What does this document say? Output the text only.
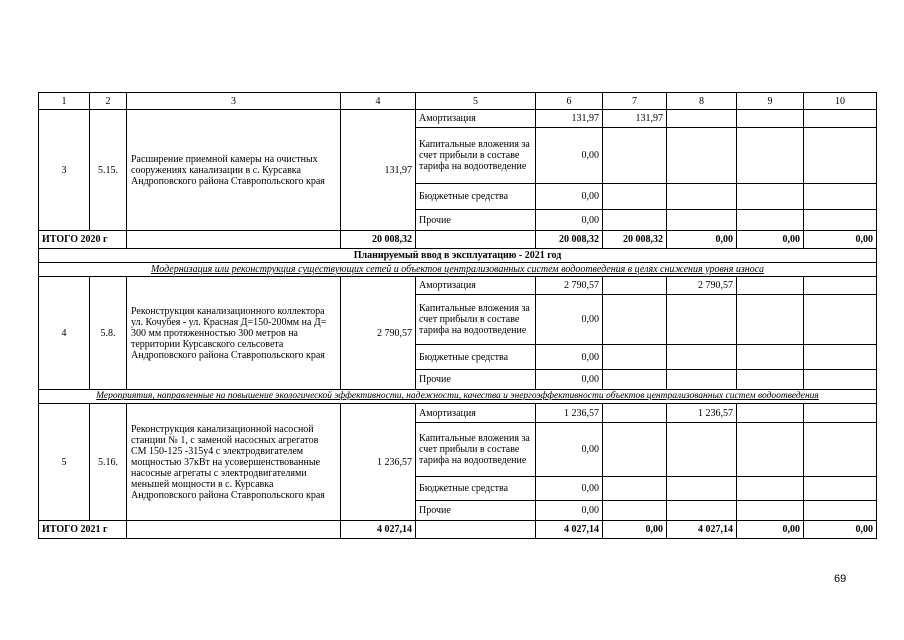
1	2	3	4	5	6	7	8	9	10
3	5.15.	Расширение приемной камеры на очистных сооружениях канализации в с. Курсавка Андроповского района Ставропольского края	131,97	Амортизация	131,97	131,97			
				Капитальные вложения за счет прибыли в составе тарифа на водоотведение	0,00				
				Бюджетные средства	0,00				
				Прочие	0,00				
ИТОГО 2020 г			20 008,32		20 008,32	20 008,32	0,00	0,00	0,00
Планируемый ввод в эксплуатацию - 2021 год									
Модернизация или реконструкция существующих сетей и объектов централизованных систем водоотведения в целях снижения уровня износа									
4	5.8.	Реконструкция канализационного коллектора ул. Кочубея - ул. Красная Д=150-200мм на Д= 300 мм протяженностью 300 метров на территории Курсавского сельсовета Андроповского района Ставропольского края	2 790,57	Амортизация	2 790,57		2 790,57		
				Капитальные вложения за счет прибыли в составе тарифа на водоотведение	0,00				
				Бюджетные средства	0,00				
				Прочие	0,00				
Мероприятия, направленные на повышение экологической эффективности, надежности, качества и энергоэффективности объектов централизованных систем водоотведения									
5	5.16.	Реконструкция канализационной насосной станции № 1, с заменой насосных агрегатов СМ 150-125 -315у4 с электродвигателем мощностью 37кВт на усовершенствованные насосные агрегаты с электродвигателями меньшей мощности в с. Курсавка Андроповского района Ставропольского края	1 236,57	Амортизация	1 236,57		1 236,57		
				Капитальные вложения за счет прибыли в составе тарифа на водоотведение	0,00				
				Бюджетные средства	0,00				
				Прочие	0,00				
ИТОГО 2021 г			4 027,14		4 027,14	0,00	4 027,14	0,00	0,00
69
